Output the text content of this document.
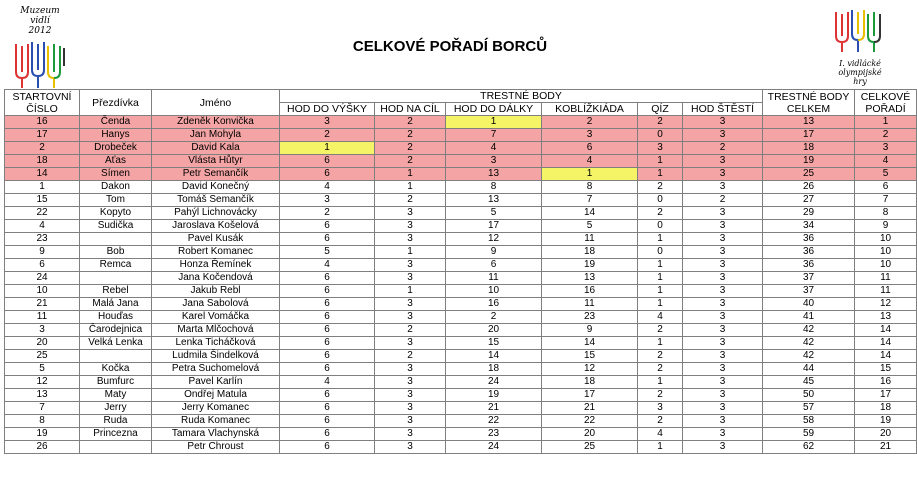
Muzeum vidlí
2012
I. vidlácké
olympijské
hry
CELKOVÉ POŘADÍ BORCŮ
STARTOVNÍ
ČÍSLO	Přezdívka	Jméno	TRESTNÉ BODY						TRESTNÉ BODY
CELKEM	CELKOVÉ
POŘADÍ
			HOD DO VÝŠKY	HOD NA CÍL	HOD DO DÁLKY	KOBLÍŽKIÁDA	QÍZ	HOD ŠTĚSTÍ		
16	Čenda	Zdeněk Konvička	3	2	1	2	2	3	13	1
17	Hanys	Jan Mohyla	2	2	7	3	0	3	17	2
2	Drobeček	David Kala	1	2	4	6	3	2	18	3
18	Aťas	Vlásta Hůtyr	6	2	3	4	1	3	19	4
14	Símen	Petr Semančík	6	1	13	1	1	3	25	5
1	Dakon	David Konečný	4	1	8	8	2	3	26	6
15	Tom	Tomáš Semančík	3	2	13	7	0	2	27	7
22	Kopyto	Pahýl Lichnovácky	2	3	5	14	2	3	29	8
4	Sudička	Jaroslava Košelová	6	3	17	5	0	3	34	9
23		Pavel Kusák	6	3	12	11	1	3	36	10
9	Bob	Robert Komanec	5	1	9	18	0	3	36	10
6	Remca	Honza Řemínek	4	3	6	19	1	3	36	10
24		Jana Kočendová	6	3	11	13	1	3	37	11
10	Rebel	Jakub Rebl	6	1	10	16	1	3	37	11
21	Malá Jana	Jana Sabolová	6	3	16	11	1	3	40	12
11	Houďas	Karel Vomáčka	6	3	2	23	4	3	41	13
3	Čarodejnica	Marta Mlčochová	6	2	20	9	2	3	42	14
20	Velká Lenka	Lenka Ticháčková	6	3	15	14	1	3	42	14
25		Ludmila Šindelková	6	2	14	15	2	3	42	14
5	Kočka	Petra Suchomelová	6	3	18	12	2	3	44	15
12	Bumfurc	Pavel Karlín	4	3	24	18	1	3	45	16
13	Maty	Ondřej Matula	6	3	19	17	2	3	50	17
7	Jerry	Jerry Komanec	6	3	21	21	3	3	57	18
8	Ruda	Ruda Komanec	6	3	22	22	2	3	58	19
19	Princezna	Tamara Vlachynská	6	3	23	20	4	3	59	20
26		Petr Chroust	6	3	24	25	1	3	62	21
